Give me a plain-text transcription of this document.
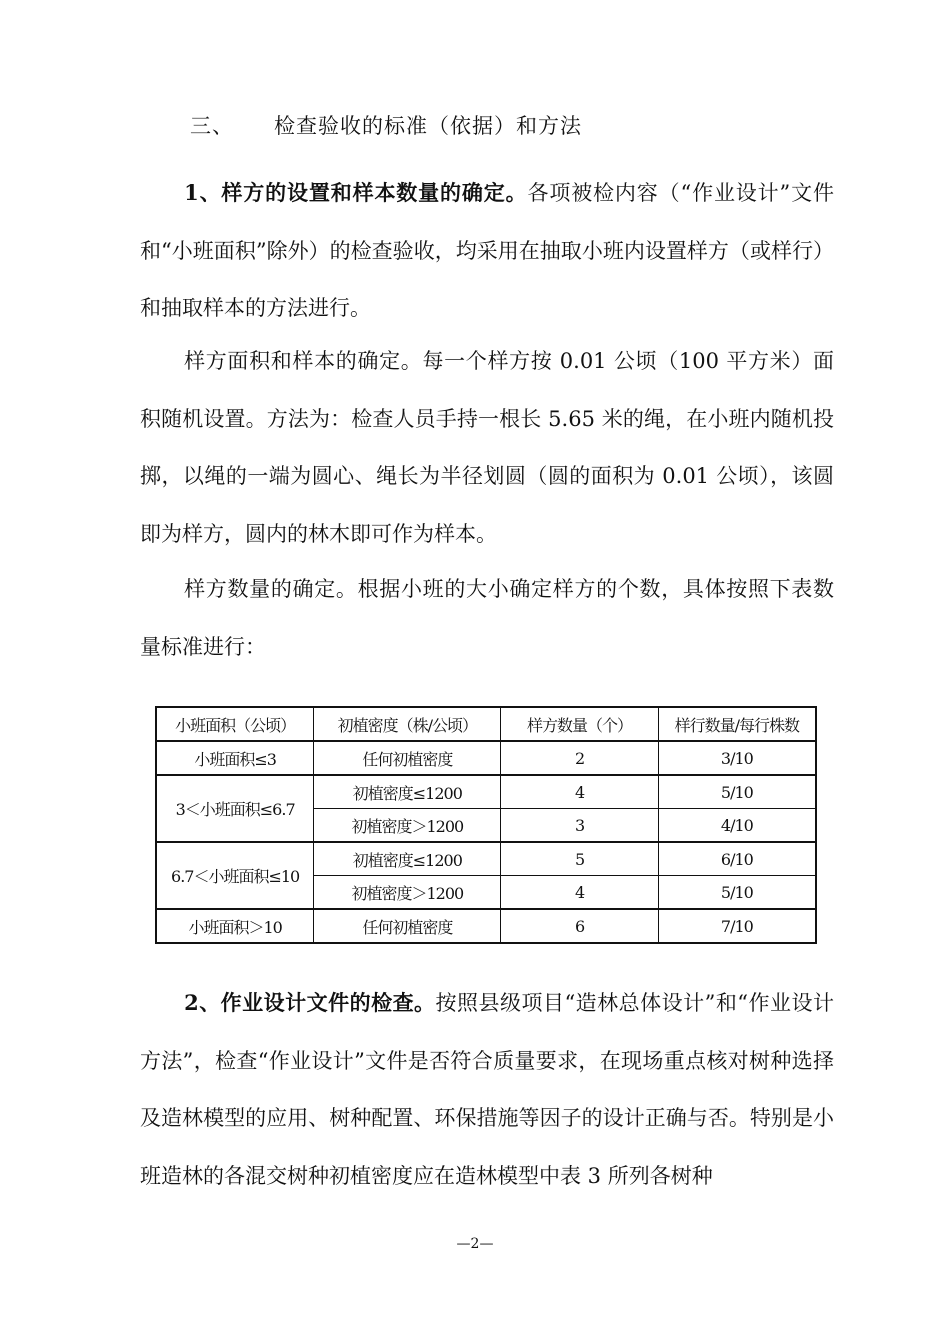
三、 检查验收的标准（依据）和方法

1、样方的设置和样本数量的确定。各项被检内容（“作业设计”文件和“小班面积”除外）的检查验收，均采用在抽取小班内设置样方（或样行）和抽取样本的方法进行。

样方面积和样本的确定。每一个样方按 0.01 公顷（100 平方米）面积随机设置。方法为：检查人员手持一根长 5.65 米的绳，在小班内随机投掷，以绳的一端为圆心、绳长为半径划圆（圆的面积为 0.01 公顷），该圆即为样方，圆内的林木即可作为样本。

样方数量的确定。根据小班的大小确定样方的个数，具体按照下表数量标准进行：

小班面积（公顷）	初植密度（株/公顷）	样方数量（个）	样行数量/每行株数
小班面积≤3	任何初植密度	2	3/10
3＜小班面积≤6.7	初植密度≤1200	4	5/10
	初植密度＞1200	3	4/10
6.7＜小班面积≤10	初植密度≤1200	5	6/10
	初植密度＞1200	4	5/10
小班面积＞10	任何初植密度	6	7/10

2、作业设计文件的检查。按照县级项目“造林总体设计”和“作业设计方法”，检查“作业设计”文件是否符合质量要求，在现场重点核对树种选择及造林模型的应用、树种配置、环保措施等因子的设计正确与否。特别是小班造林的各混交树种初植密度应在造林模型中表 3 所列各树种

—2—
